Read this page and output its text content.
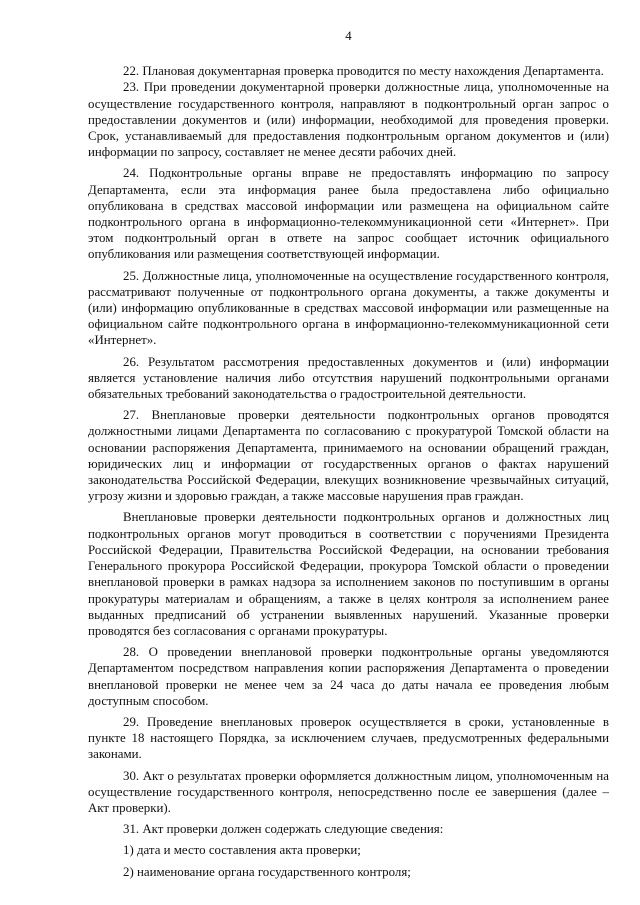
4

22. Плановая документарная проверка проводится по месту нахождения Департамента.

23. При проведении документарной проверки должностные лица, уполномоченные на осуществление государственного контроля, направляют в подконтрольный орган запрос о предоставлении документов и (или) информации, необходимой для проведения проверки. Срок, устанавливаемый для предоставления подконтрольным органом документов и (или) информации по запросу, составляет не менее десяти рабочих дней.

24. Подконтрольные органы вправе не предоставлять информацию по запросу Департамента, если эта информация ранее была предоставлена либо официально опубликована в средствах массовой информации или размещена на официальном сайте подконтрольного органа в информационно-телекоммуникационной сети «Интернет». При этом подконтрольный орган в ответе на запрос сообщает источник официального опубликования или размещения соответствующей информации.

25. Должностные лица, уполномоченные на осуществление государственного контроля, рассматривают полученные от подконтрольного органа документы, а также документы и (или) информацию опубликованные в средствах массовой информации или размещенные на официальном сайте подконтрольного органа в информационно-телекоммуникационной сети «Интернет».

26. Результатом рассмотрения предоставленных документов и (или) информации является установление наличия либо отсутствия нарушений подконтрольными органами обязательных требований законодательства о градостроительной деятельности.

27. Внеплановые проверки деятельности подконтрольных органов проводятся должностными лицами Департамента по согласованию с прокуратурой Томской области на основании распоряжения Департамента, принимаемого на основании обращений граждан, юридических лиц и информации от государственных органов о фактах нарушений законодательства Российской Федерации, влекущих возникновение чрезвычайных ситуаций, угрозу жизни и здоровью граждан, а также массовые нарушения прав граждан.

Внеплановые проверки деятельности подконтрольных органов и должностных лиц подконтрольных органов могут проводиться в соответствии с поручениями Президента Российской Федерации, Правительства Российской Федерации, на основании требования Генерального прокурора Российской Федерации, прокурора Томской области о проведении внеплановой проверки в рамках надзора за исполнением законов по поступившим в органы прокуратуры материалам и обращениям, а также в целях контроля за исполнением ранее выданных предписаний об устранении выявленных нарушений. Указанные проверки проводятся без согласования с органами прокуратуры.

28. О проведении внеплановой проверки подконтрольные органы уведомляются Департаментом посредством направления копии распоряжения Департамента о проведении внеплановой проверки не менее чем за 24 часа до даты начала ее проведения любым доступным способом.

29. Проведение внеплановых проверок осуществляется в сроки, установленные в пункте 18 настоящего Порядка, за исключением случаев, предусмотренных федеральными законами.

30. Акт о результатах проверки оформляется должностным лицом, уполномоченным на осуществление государственного контроля, непосредственно после ее завершения (далее – Акт проверки).

31. Акт проверки должен содержать следующие сведения:

1) дата и место составления акта проверки;

2) наименование органа государственного контроля;
